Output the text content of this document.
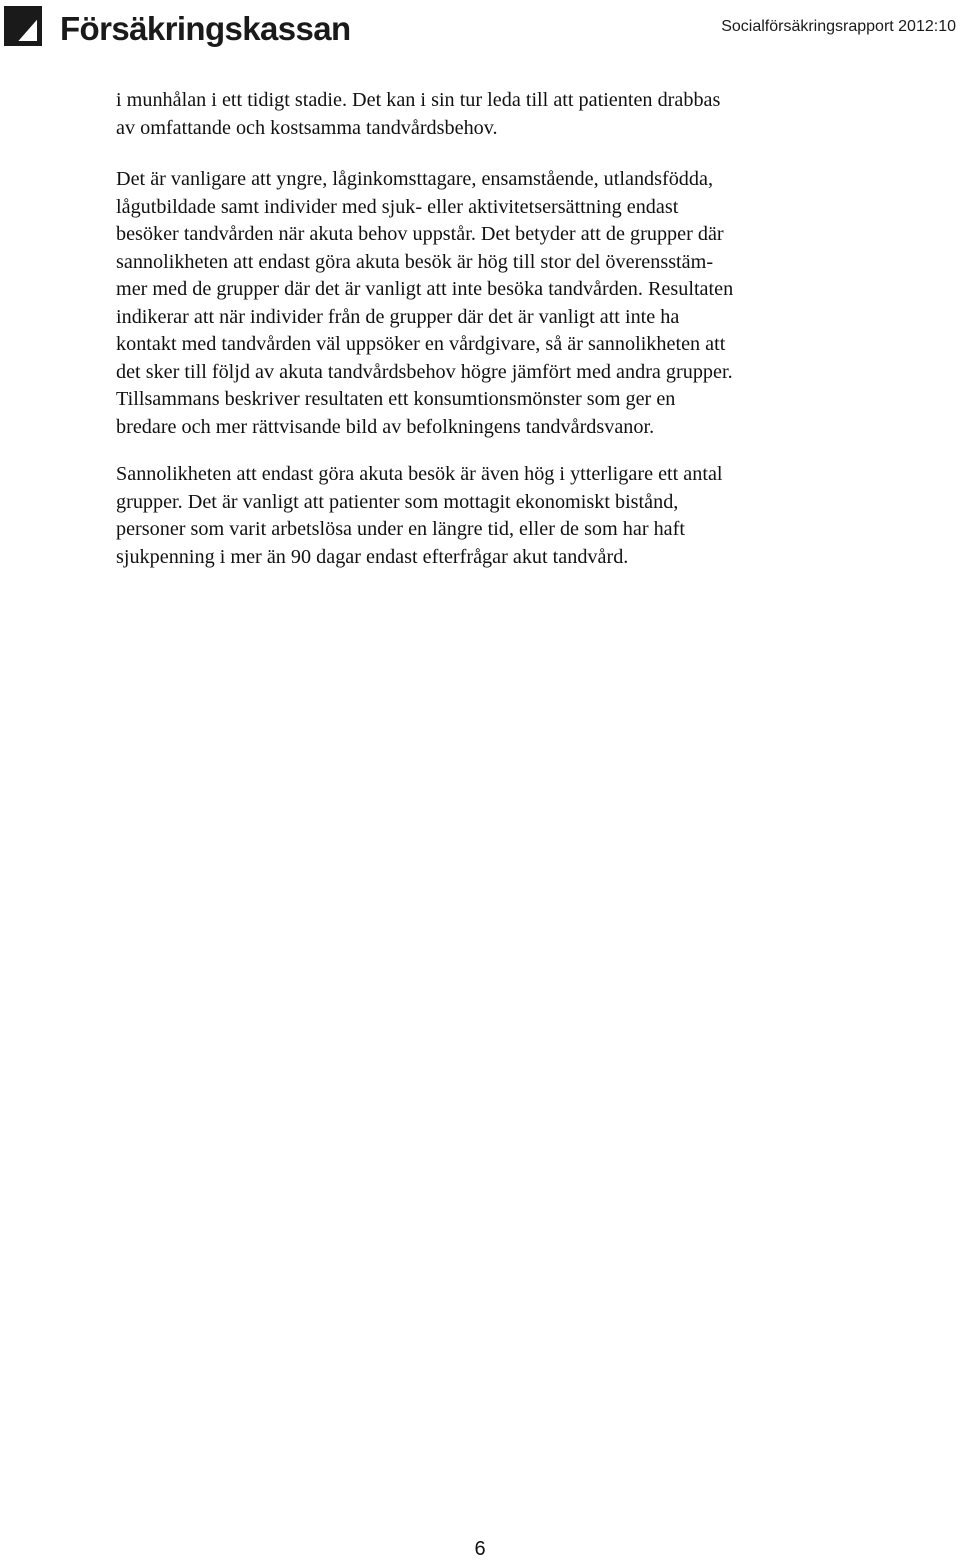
Försäkringskassan	Socialförsäkringsrapport 2012:10

i munhålan i ett tidigt stadie. Det kan i sin tur leda till att patienten drabbas
av omfattande och kostsamma tandvårdsbehov.

Det är vanligare att yngre, låginkomsttagare, ensamstående, utlandsfödda,
lågutbildade samt individer med sjuk- eller aktivitetsersättning endast
besöker tandvården när akuta behov uppstår. Det betyder att de grupper där
sannolikheten att endast göra akuta besök är hög till stor del överensstäm-
mer med de grupper där det är vanligt att inte besöka tandvården. Resultaten
indikerar att när individer från de grupper där det är vanligt att inte ha
kontakt med tandvården väl uppsöker en vårdgivare, så är sannolikheten att
det sker till följd av akuta tandvårdsbehov högre jämfört med andra grupper.
Tillsammans beskriver resultaten ett konsumtionsmönster som ger en
bredare och mer rättvisande bild av befolkningens tandvårdsvanor.

Sannolikheten att endast göra akuta besök är även hög i ytterligare ett antal
grupper. Det är vanligt att patienter som mottagit ekonomiskt bistånd,
personer som varit arbetslösa under en längre tid, eller de som har haft
sjukpenning i mer än 90 dagar endast efterfrågar akut tandvård.

6
